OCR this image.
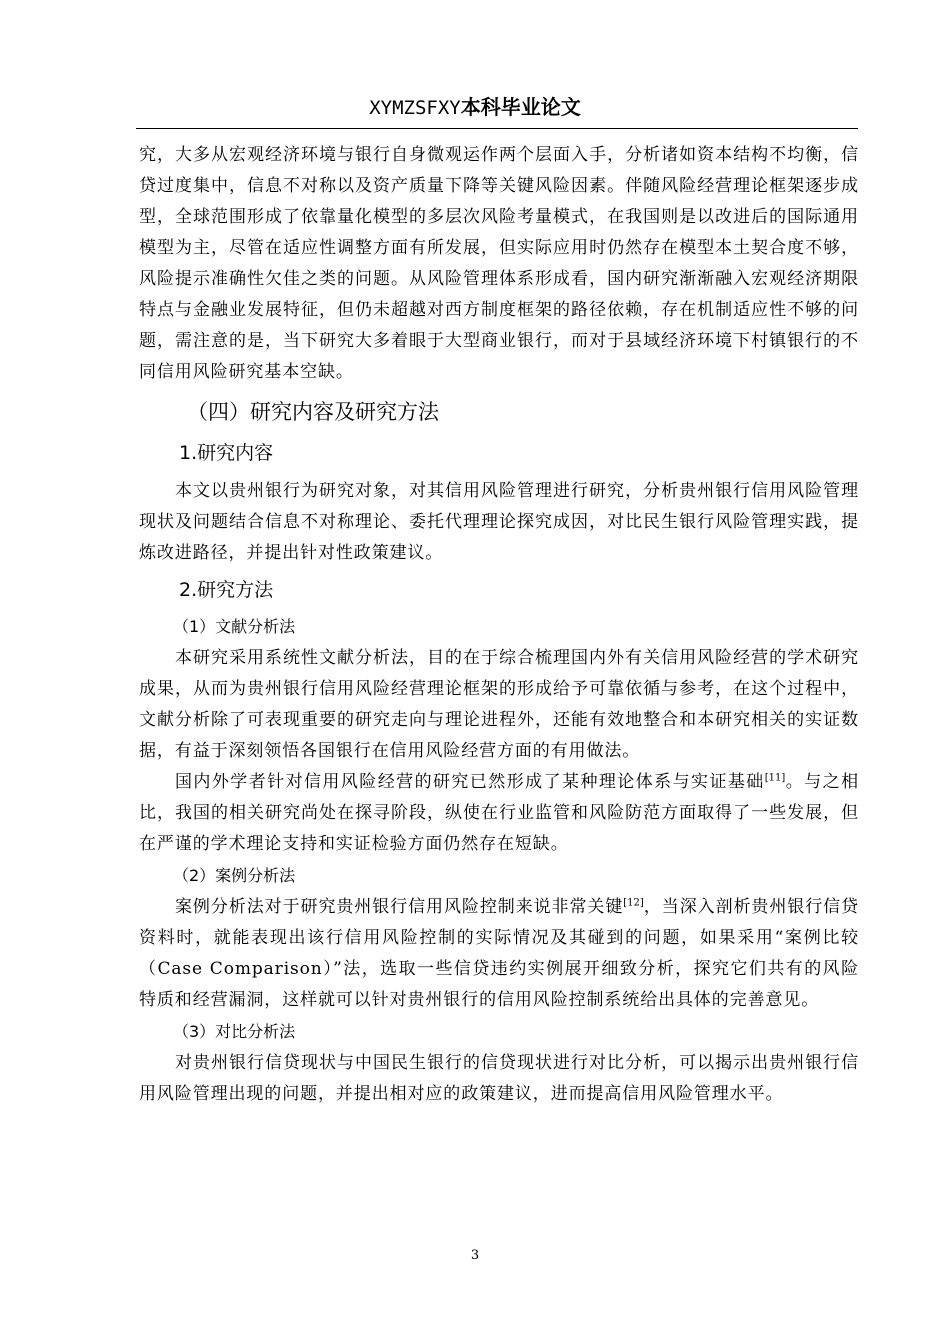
XYMZSFXY本科毕业论文

究，大多从宏观经济环境与银行自身微观运作两个层面入手，分析诸如资本结构不均衡，信贷过度集中，信息不对称以及资产质量下降等关键风险因素。伴随风险经营理论框架逐步成型，全球范围形成了依靠量化模型的多层次风险考量模式，在我国则是以改进后的国际通用模型为主，尽管在适应性调整方面有所发展，但实际应用时仍然存在模型本土契合度不够，风险提示准确性欠佳之类的问题。从风险管理体系形成看，国内研究渐渐融入宏观经济期限特点与金融业发展特征，但仍未超越对西方制度框架的路径依赖，存在机制适应性不够的问题，需注意的是，当下研究大多着眼于大型商业银行，而对于县域经济环境下村镇银行的不同信用风险研究基本空缺。

（四）研究内容及研究方法
1.研究内容

本文以贵州银行为研究对象，对其信用风险管理进行研究，分析贵州银行信用风险管理现状及问题结合信息不对称理论、委托代理理论探究成因，对比民生银行风险管理实践，提炼改进路径，并提出针对性政策建议。

2.研究方法
（1）文献分析法

本研究采用系统性文献分析法，目的在于综合梳理国内外有关信用风险经营的学术研究成果，从而为贵州银行信用风险经营理论框架的形成给予可靠依循与参考，在这个过程中，文献分析除了可表现重要的研究走向与理论进程外，还能有效地整合和本研究相关的实证数据，有益于深刻领悟各国银行在信用风险经营方面的有用做法。

国内外学者针对信用风险经营的研究已然形成了某种理论体系与实证基础[11]。与之相比，我国的相关研究尚处在探寻阶段，纵使在行业监管和风险防范方面取得了一些发展，但在严谨的学术理论支持和实证检验方面仍然存在短缺。

（2）案例分析法

案例分析法对于研究贵州银行信用风险控制来说非常关键[12]，当深入剖析贵州银行信贷资料时，就能表现出该行信用风险控制的实际情况及其碰到的问题，如果采用“案例比较（Case Comparison）”法，选取一些信贷违约实例展开细致分析，探究它们共有的风险特质和经营漏洞，这样就可以针对贵州银行的信用风险控制系统给出具体的完善意见。

（3）对比分析法

对贵州银行信贷现状与中国民生银行的信贷现状进行对比分析，可以揭示出贵州银行信用风险管理出现的问题，并提出相对应的政策建议，进而提高信用风险管理水平。

3
